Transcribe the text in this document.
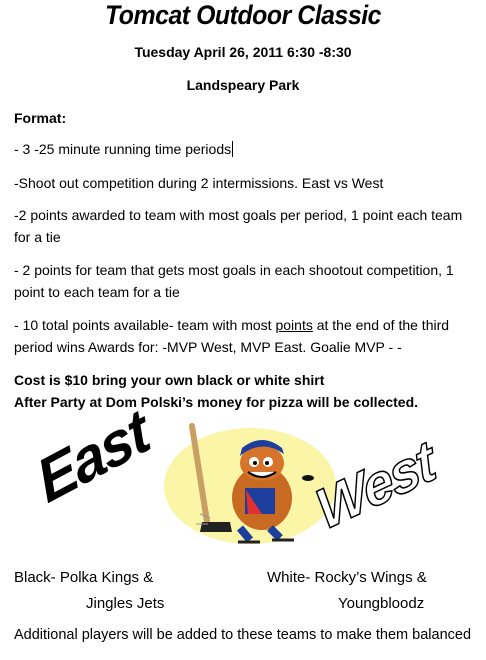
Tomcat Outdoor Classic
Tuesday April 26, 2011 6:30 -8:30
Landspeary Park
Format:
- 3 -25 minute running time periods
-Shoot out competition during 2 intermissions. East vs West
-2 points awarded to team with most goals per period, 1 point each team for a tie
- 2 points for team that gets most goals in each shootout competition, 1 point to each team for a tie
- 10 total points available- team with most points at the end of the third period wins Awards for: -MVP West, MVP East. Goalie MVP - -
Cost is $10 bring your own black or white shirt
After Party at Dom Polski’s money for pizza will be collected.
East	West
Black- Polka Kings &
Jingles Jets
White- Rocky’s Wings &
Youngbloodz
Additional players will be added to these teams to make them balanced
